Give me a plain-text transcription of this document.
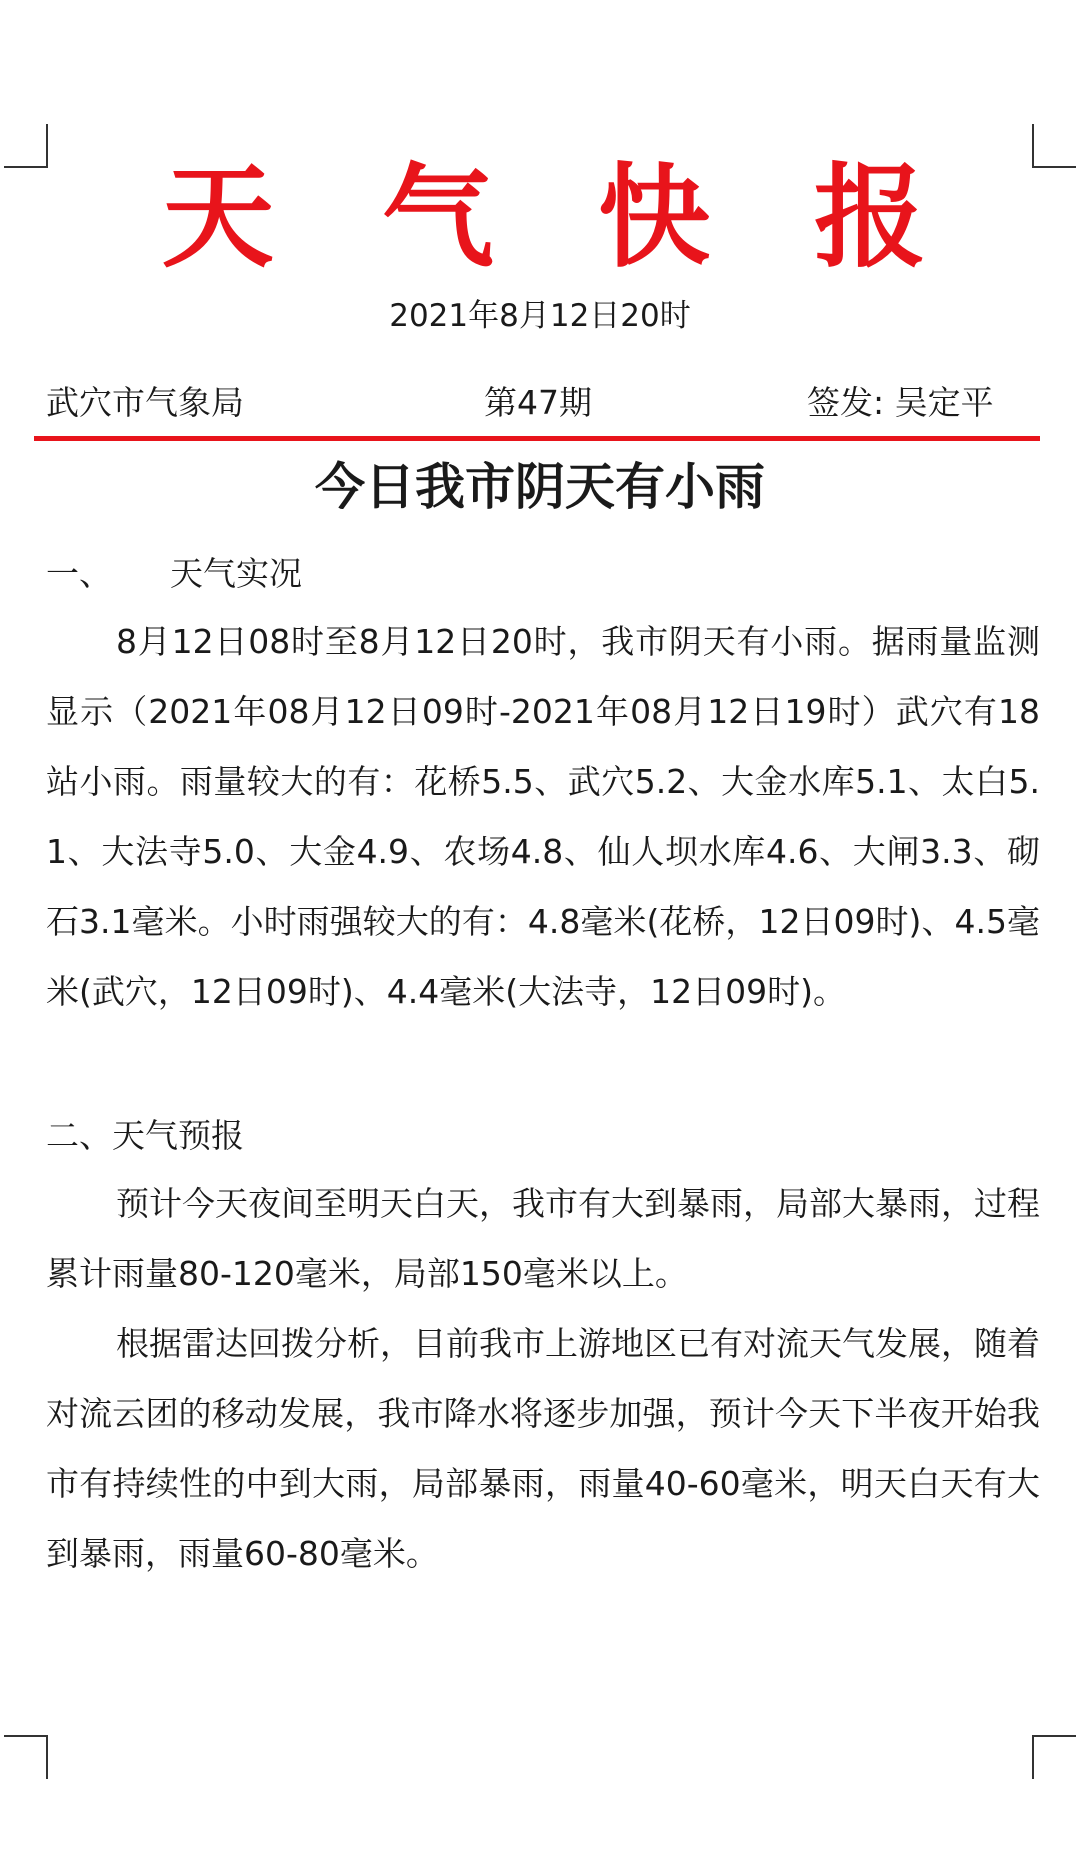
天 气 快 报
2021年8月12日20时
武穴市气象局	第47期	签发: 吴定平
今日我市阴天有小雨
一、 天气实况

8月12日08时至8月12日20时，我市阴天有小雨。据雨量监测显示（2021年08月12日09时-2021年08月12日19时）武穴有18站小雨。雨量较大的有：花桥5.5、武穴5.2、大金水库5.1、太白5.1、大法寺5.0、大金4.9、农场4.8、仙人坝水库4.6、大闸3.3、砌石3.1毫米。小时雨强较大的有：4.8毫米(花桥，12日09时)、4.5毫米(武穴，12日09时)、4.4毫米(大法寺，12日09时)。

二、天气预报

预计今天夜间至明天白天，我市有大到暴雨，局部大暴雨，过程累计雨量80-120毫米，局部150毫米以上。

根据雷达回拨分析，目前我市上游地区已有对流天气发展，随着对流云团的移动发展，我市降水将逐步加强，预计今天下半夜开始我市有持续性的中到大雨，局部暴雨，雨量40-60毫米，明天白天有大到暴雨，雨量60-80毫米。
